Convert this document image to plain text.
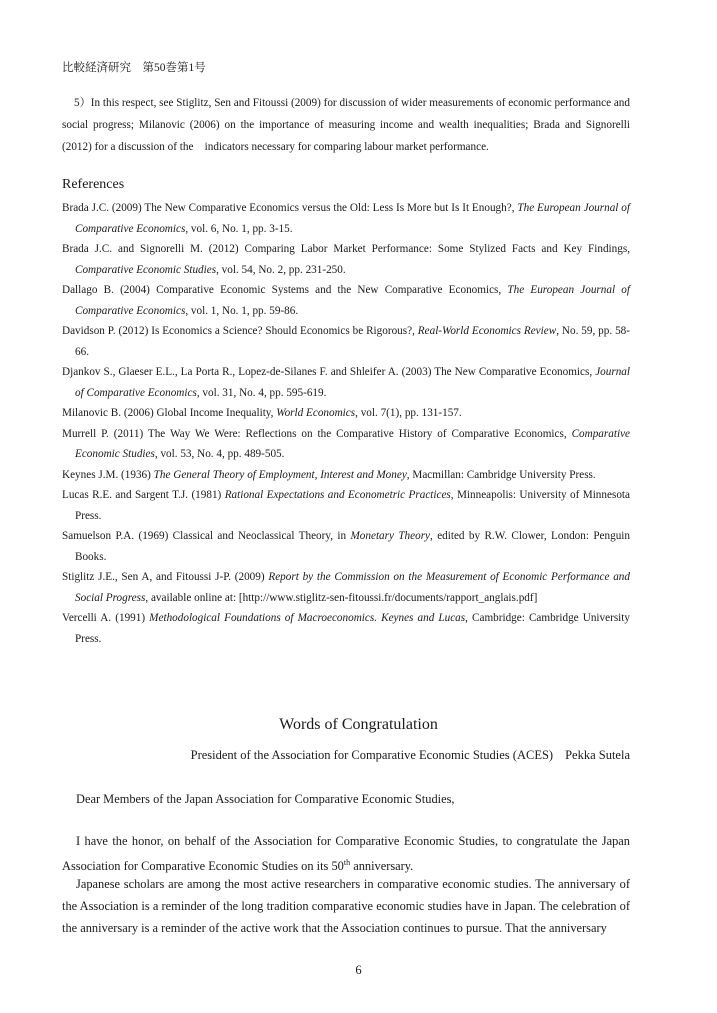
比較経済研究　第50巻第1号
5）In this respect, see Stiglitz, Sen and Fitoussi (2009) for discussion of wider measurements of economic performance and social progress; Milanovic (2006) on the importance of measuring income and wealth inequalities; Brada and Signorelli (2012) for a discussion of the　indicators necessary for comparing labour market performance.
References

Brada J.C. (2009) The New Comparative Economics versus the Old: Less Is More but Is It Enough?, The European Journal of Comparative Economics, vol. 6, No. 1, pp. 3-15.

Brada J.C. and Signorelli M. (2012) Comparing Labor Market Performance: Some Stylized Facts and Key Findings, Comparative Economic Studies, vol. 54, No. 2, pp. 231-250.

Dallago B. (2004) Comparative Economic Systems and the New Comparative Economics, The European Journal of Comparative Economics, vol. 1, No. 1, pp. 59-86.

Davidson P. (2012) Is Economics a Science? Should Economics be Rigorous?, Real-World Economics Review, No. 59, pp. 58-66.

Djankov S., Glaeser E.L., La Porta R., Lopez-de-Silanes F. and Shleifer A. (2003) The New Comparative Economics, Journal of Comparative Economics, vol. 31, No. 4, pp. 595-619.

Milanovic B. (2006) Global Income Inequality, World Economics, vol. 7(1), pp. 131-157.

Murrell P. (2011) The Way We Were: Reflections on the Comparative History of Comparative Economics, Comparative Economic Studies, vol. 53, No. 4, pp. 489-505.

Keynes J.M. (1936) The General Theory of Employment, Interest and Money, Macmillan: Cambridge University Press.

Lucas R.E. and Sargent T.J. (1981) Rational Expectations and Econometric Practices, Minneapolis: University of Minnesota Press.

Samuelson P.A. (1969) Classical and Neoclassical Theory, in Monetary Theory, edited by R.W. Clower, London: Penguin Books.

Stiglitz J.E., Sen A, and Fitoussi J-P. (2009) Report by the Commission on the Measurement of Economic Performance and Social Progress, available online at: [http://www.stiglitz-sen-fitoussi.fr/documents/rapport_anglais.pdf]

Vercelli A. (1991) Methodological Foundations of Macroeconomics. Keynes and Lucas, Cambridge: Cambridge University Press.

Words of Congratulation
President of the Association for Comparative Economic Studies (ACES) Pekka Sutela
Dear Members of the Japan Association for Comparative Economic Studies,
I have the honor, on behalf of the Association for Comparative Economic Studies, to congratulate the Japan Association for Comparative Economic Studies on its 50th anniversary.
Japanese scholars are among the most active researchers in comparative economic studies. The anniversary of the Association is a reminder of the long tradition comparative economic studies have in Japan. The celebration of the anniversary is a reminder of the active work that the Association continues to pursue. That the anniversary
6
